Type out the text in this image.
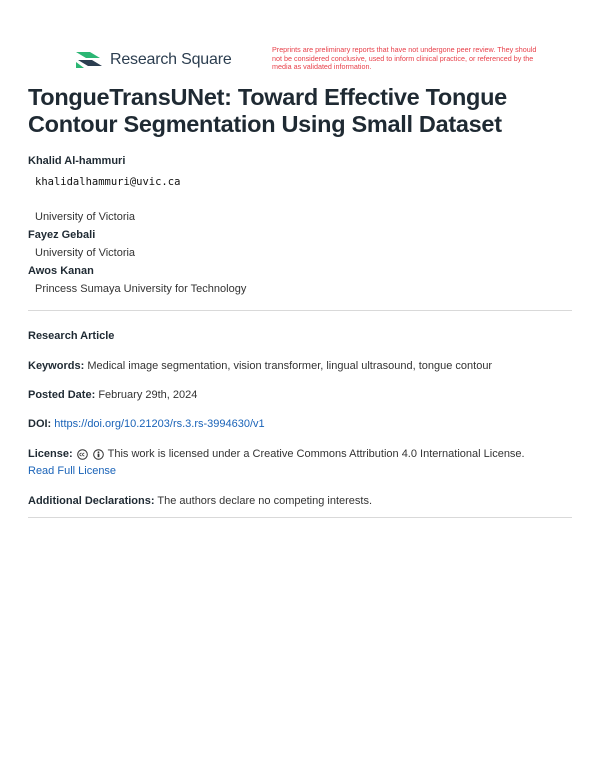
Research Square
Preprints are preliminary reports that have not undergone peer review. They should not be considered conclusive, used to inform clinical practice, or referenced by the media as validated information.
TongueTransUNet: Toward Effective Tongue Contour Segmentation Using Small Dataset
Khalid Al-hammuri
khalidalhammuri@uvic.ca
University of Victoria
Fayez Gebali
University of Victoria
Awos Kanan
Princess Sumaya University for Technology
Research Article
Keywords: Medical image segmentation, vision transformer, lingual ultrasound, tongue contour
Posted Date: February 29th, 2024
DOI: https://doi.org/10.21203/rs.3.rs-3994630/v1
License:
	This work is licensed under a Creative Commons Attribution 4.0 International License.
Read Full License
Additional Declarations: The authors declare no competing interests.
